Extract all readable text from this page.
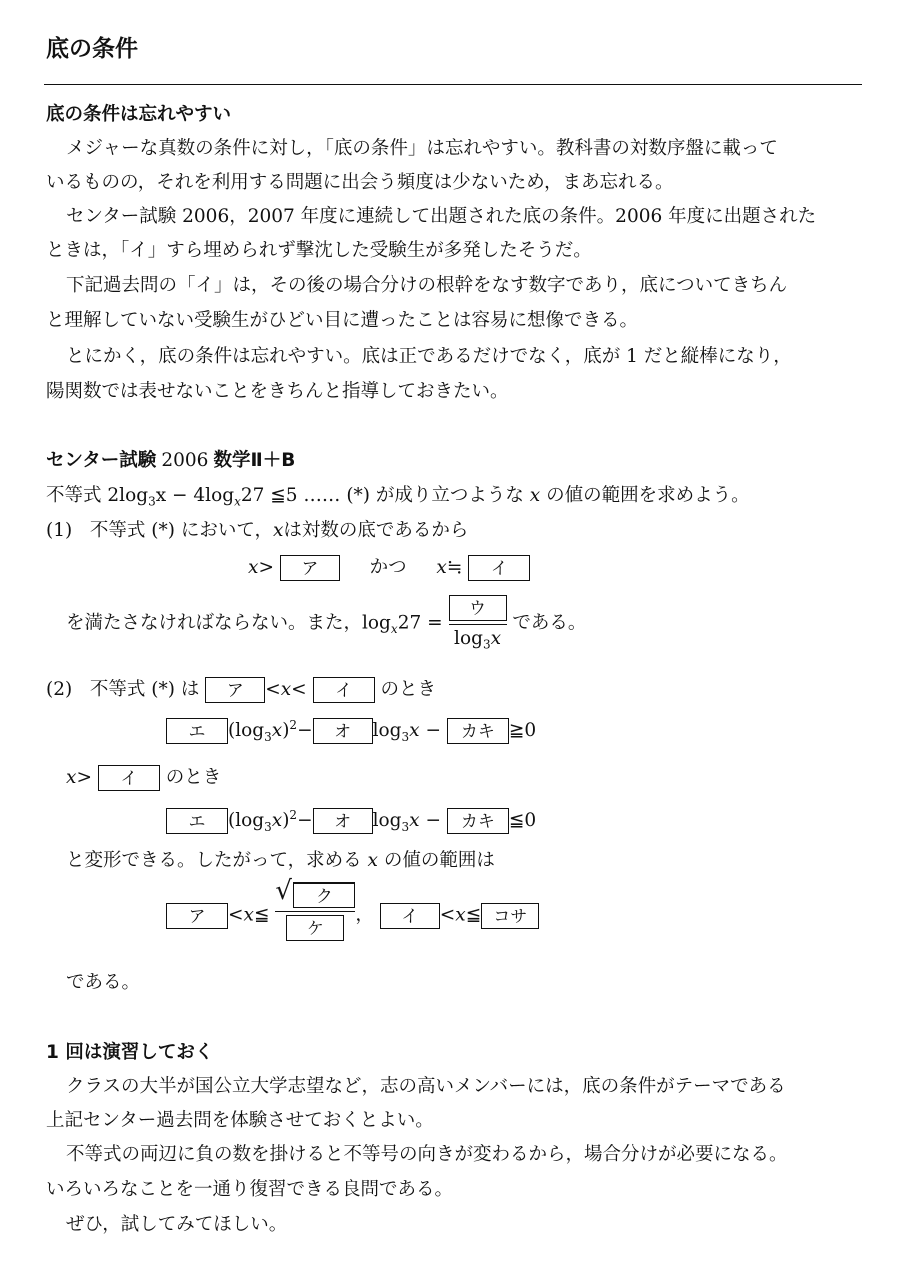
底の条件
底の条件は忘れやすい
メジャーな真数の条件に対し，「底の条件」は忘れやすい。教科書の対数序盤に載って
いるものの，それを利用する問題に出会う頻度は少ないため，まあ忘れる。
センター試験 2006，2007 年度に連続して出題された底の条件。2006 年度に出題された
ときは，「イ」すら埋められず撃沈した受験生が多発したそうだ。
下記過去問の「イ」は，その後の場合分けの根幹をなす数字であり，底についてきちん
と理解していない受験生がひどい目に遭ったことは容易に想像できる。
とにかく，底の条件は忘れやすい。底は正であるだけでなく，底が 1 だと縦棒になり，
陽関数では表せないことをきちんと指導しておきたい。
センター試験 2006 数学Ⅱ＋B
不等式 $2\log_3x - 4\log_x27$ ≦5 …… (*) が成り立つような x の値の範囲を求めよう。
(1) 不等式 (*) において，xは対数の底であるから
x> ア	かつ x≒ イ
を満たさなければならない。また，$\log_x27 = \frac{\text{ウ}}{\log_3x}$ である。
(2) 不等式 (*) は ア <x< イ のとき
エ $(\log_3x)^2-$ オ $\log_3x$ − カキ ≧0
x> イ のとき
エ $(\log_3x)^2-$ オ $\log_3x$ − カキ ≦0
と変形できる。したがって，求める x の値の範囲は
ア <x≦ $\frac{\text{√ ク}}{\text{ケ}}$ ， イ <x≦ コサ
である。
1 回は演習しておく
クラスの大半が国公立大学志望など，志の高いメンバーには，底の条件がテーマである
上記センター過去問を体験させておくとよい。
不等式の両辺に負の数を掛けると不等号の向きが変わるから，場合分けが必要になる。
いろいろなことを一通り復習できる良問である。
ぜひ，試してみてほしい。
